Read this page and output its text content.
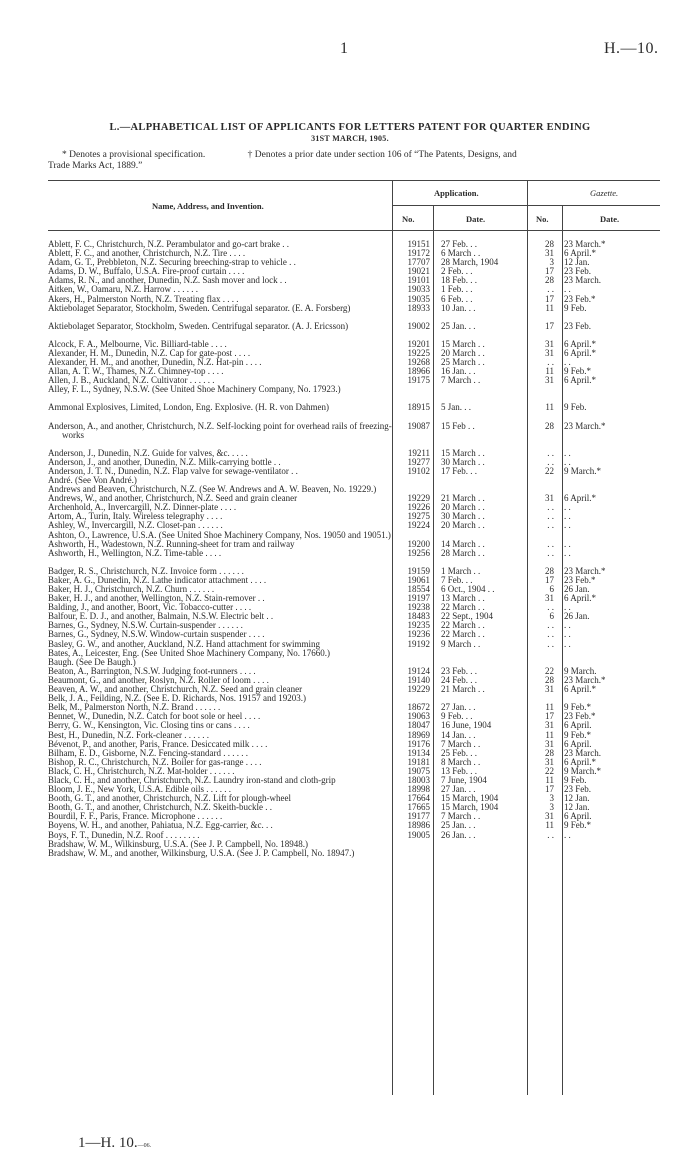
1	H.—10.
L.—ALPHABETICAL LIST OF APPLICANTS FOR LETTERS PATENT FOR QUARTER ENDING
31ST MARCH, 1905.
* Denotes a provisional specification.	† Denotes a prior date under section 106 of “The Patents, Designs, and
Trade Marks Act, 1889.”
Name, Address, and Invention.
Application.	Gazette.
No.	Date.	No.	Date.
Ablett, F. C., Christchurch, N.Z. Perambulator and go-cart brake . .	19151 27 Feb. . .	28 23 March.*
Ablett, F. C., and another, Christchurch, N.Z. Tire . . . .	19172 6 March . .	31 6 April.*
Adam, G. T., Prebbleton, N.Z. Securing breeching-strap to vehicle . .	17707 28 March, 1904	3 12 Jan.
Adams, D. W., Buffalo, U.S.A. Fire-proof curtain . . . .	19021 2 Feb. . .	17 23 Feb.
Adams, R. N., and another, Dunedin, N.Z. Sash mover and lock . .	19101 18 Feb. . .	28 23 March.
Aitken, W., Oamaru, N.Z. Harrow . . . . . .	19033 1 Feb. . .	. . . .
Akers, H., Palmerston North, N.Z. Treating flax . . . .	19035 6 Feb. . .	17 23 Feb.*
Aktiebolaget Separator, Stockholm, Sweden. Centrifugal separator. (E. A. Forsberg)	18933 10 Jan. . .	11 9 Feb.
Aktiebolaget Separator, Stockholm, Sweden. Centrifugal separator. (A. J. Ericsson)	19002 25 Jan. . .	17 23 Feb.
Alcock, F. A., Melbourne, Vic. Billiard-table . . . .	19201 15 March . .	31 6 April.*
Alexander, H. M., Dunedin, N.Z. Cap for gate-post . . . .	19225 20 March . .	31 6 April.*
Alexander, H. M., and another, Dunedin, N.Z. Hat-pin . . . .	19268 25 March . .	. . . .
Allan, A. T. W., Thames, N.Z. Chimney-top . . . .	18966 16 Jan. . .	11 9 Feb.*
Allen, J. B., Auckland, N.Z. Cultivator . . . . . .	19175 7 March . .	31 6 April.*
Alley, F. L., Sydney, N.S.W. (See United Shoe Machinery Company, No. 17923.)
Ammonal Explosives, Limited, London, Eng. Explosive. (H. R. von Dahmen)	18915 5 Jan. . .	11 9 Feb.
Anderson, A., and another, Christchurch, N.Z. Self-locking point for overhead rails of freezing-works
19087 15 Feb . .	28 23 March.*
Anderson, J., Dunedin, N.Z. Guide for valves, &c. . . . .	19211 15 March . .	. . . .
Anderson, J., and another, Dunedin, N.Z. Milk-carrying bottle . .	19277 30 March . .	. . . .
Anderson, J. T. N., Dunedin, N.Z. Flap valve for sewage-ventilator . .	19102 17 Feb. . .	22 9 March.*
André. (See Von André.)
Andrews and Beaven, Christchurch, N.Z. (See W. Andrews and A. W. Beaven, No. 19229.)
Andrews, W., and another, Christchurch, N.Z. Seed and grain cleaner	19229 21 March . .	31 6 April.*
Archenhold, A., Invercargill, N.Z. Dinner-plate . . . .	19226 20 March . .	. . . .
Artom, A., Turin, Italy. Wireless telegraphy . . . .	19275 30 March . .	. . . .
Ashley, W., Invercargill, N.Z. Closet-pan . . . . . .	19224 20 March . .	. . . .
Ashton, O., Lawrence, U.S.A. (See United Shoe Machinery Company, Nos. 19050 and 19051.)
Ashworth, H., Wadestown, N.Z. Running-sheet for tram and railway	19200 14 March . .	. . . .
Ashworth, H., Wellington, N.Z. Time-table . . . .	19256 28 March . .	. . . .
Badger, R. S., Christchurch, N.Z. Invoice form . . . . . .	19159 1 March . .	28 23 March.*
Baker, A. G., Dunedin, N.Z. Lathe indicator attachment . . . .	19061 7 Feb. . .	17 23 Feb.*
Baker, H. J., Christchurch, N.Z. Churn . . . . . .	18554 6 Oct., 1904 . .	6 26 Jan.
Baker, H. J., and another, Wellington, N.Z. Stain-remover . .	19197 13 March . .	31 6 April.*
Balding, J., and another, Boort, Vic. Tobacco-cutter . . . .	19238 22 March . .	. . . .
Balfour, E. D. J., and another, Balmain, N.S.W. Electric belt . .	18483 22 Sept., 1904	6 26 Jan.
Barnes, G., Sydney, N.S.W. Curtain-suspender . . . . . .	19235 22 March . .	. . . .
Barnes, G., Sydney, N.S.W. Window-curtain suspender . . . .	19236 22 March . .	. . . .
Basley, G. W., and another, Auckland, N.Z. Hand attachment for swimming	19192 9 March . .	. . . .
Bates, A., Leicester, Eng. (See United Shoe Machinery Company, No. 17660.)
Baugh. (See De Baugh.)
Beaton, A., Barrington, N.S.W. Judging foot-runners . . . .	19124 23 Feb. . .	22 9 March.
Beaumont, G., and another, Roslyn, N.Z. Roller of loom . . . .	19140 24 Feb. . .	28 23 March.*
Beaven, A. W., and another, Christchurch, N.Z. Seed and grain cleaner	19229 21 March . .	31 6 April.*
Belk, J. A., Feilding, N.Z. (See E. D. Richards, Nos. 19157 and 19203.)
Belk, M., Palmerston North, N.Z. Brand . . . . . .	18672 27 Jan. . .	11 9 Feb.*
Bennet, W., Dunedin, N.Z. Catch for boot sole or heel . . . .	19063 9 Feb. . .	17 23 Feb.*
Berry, G. W., Kensington, Vic. Closing tins or cans . . . .	18047 16 June, 1904	31 6 April.
Best, H., Dunedin, N.Z. Fork-cleaner . . . . . .	18969 14 Jan. . .	11 9 Feb.*
Bévenot, P., and another, Paris, France. Desiccated milk . . . .	19176 7 March . .	31 6 April.
Bilham, E. D., Gisborne, N.Z. Fencing-standard . . . . . .	19134 25 Feb. . .	28 23 March.
Bishop, R. C., Christchurch, N.Z. Boiler for gas-range . . . .	19181 8 March . .	31 6 April.*
Black, C. H., Christchurch, N.Z. Mat-holder . . . . . .	19075 13 Feb. . .	22 9 March.*
Black, C. H., and another, Christchurch, N.Z. Laundry iron-stand and cloth-grip	18003 7 June, 1904	11 9 Feb.
Bloom, J. E., New York, U.S.A. Edible oils . . . . . .	18998 27 Jan. . .	17 23 Feb.
Booth, G. T., and another, Christchurch, N.Z. Lift for plough-wheel	17664 15 March, 1904	3 12 Jan.
Booth, G. T., and another, Christchurch, N.Z. Skeith-buckle . .	17665 15 March, 1904	3 12 Jan.
Bourdil, F. F., Paris, France. Microphone . . . . . .	19177 7 March . .	31 6 April.
Boyens, W. H., and another, Pahiatua, N.Z. Egg-carrier, &c. . .	18986 25 Jan. . .	11 9 Feb.*
Boys, F. T., Dunedin, N.Z. Roof . . . . . . . .	19005 26 Jan. . .	. . . .
Bradshaw, W. M., Wilkinsburg, U.S.A. (See J. P. Campbell, No. 18948.)
Bradshaw, W. M., and another, Wilkinsburg, U.S.A. (See J. P. Campbell, No. 18947.)
1—H. 10.—06.
